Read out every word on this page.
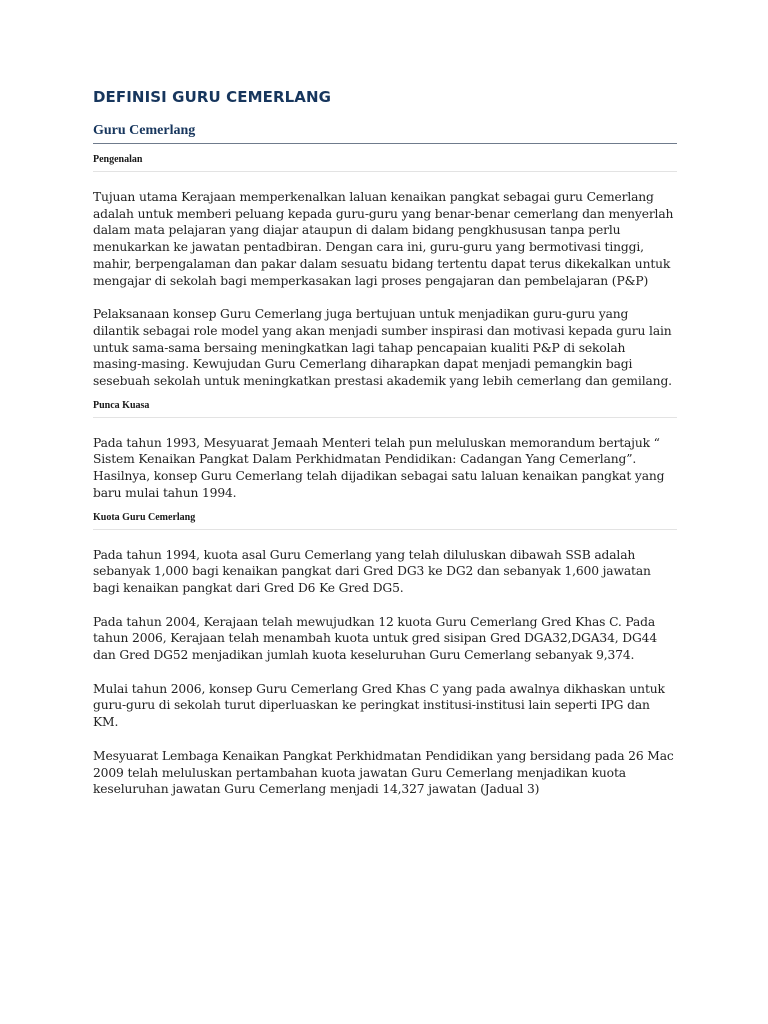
DEFINISI GURU CEMERLANG
Guru Cemerlang
Pengenalan

Tujuan utama Kerajaan memperkenalkan laluan kenaikan pangkat sebagai guru Cemerlang adalah untuk memberi peluang kepada guru-guru yang benar-benar cemerlang dan menyerlah dalam mata pelajaran yang diajar ataupun di dalam bidang pengkhususan tanpa perlu menukarkan ke jawatan pentadbiran. Dengan cara ini, guru-guru yang bermotivasi tinggi, mahir, berpengalaman dan pakar dalam sesuatu bidang tertentu dapat terus dikekalkan untuk mengajar di sekolah bagi memperkasakan lagi proses pengajaran dan pembelajaran (P&P)

Pelaksanaan konsep Guru Cemerlang juga bertujuan untuk menjadikan guru-guru yang dilantik sebagai role model yang akan menjadi sumber inspirasi dan motivasi kepada guru lain untuk sama-sama bersaing meningkatkan lagi tahap pencapaian kualiti P&P di sekolah masing-masing. Kewujudan Guru Cemerlang diharapkan dapat menjadi pemangkin bagi sesebuah sekolah untuk meningkatkan prestasi akademik yang lebih cemerlang dan gemilang.

Punca Kuasa

Pada tahun 1993, Mesyuarat Jemaah Menteri telah pun meluluskan memorandum bertajuk “ Sistem Kenaikan Pangkat Dalam Perkhidmatan Pendidikan: Cadangan Yang Cemerlang”. Hasilnya, konsep Guru Cemerlang telah dijadikan sebagai satu laluan kenaikan pangkat yang baru mulai tahun 1994.

Kuota Guru Cemerlang

Pada tahun 1994, kuota asal Guru Cemerlang yang telah diluluskan dibawah SSB adalah sebanyak 1,000 bagi kenaikan pangkat dari Gred DG3 ke DG2 dan sebanyak 1,600 jawatan bagi kenaikan pangkat dari Gred D6 Ke Gred DG5.

Pada tahun 2004, Kerajaan telah mewujudkan 12 kuota Guru Cemerlang Gred Khas C. Pada tahun 2006, Kerajaan telah menambah kuota untuk gred sisipan Gred DGA32,DGA34, DG44 dan Gred DG52 menjadikan jumlah kuota keseluruhan Guru Cemerlang sebanyak 9,374.

Mulai tahun 2006, konsep Guru Cemerlang Gred Khas C yang pada awalnya dikhaskan untuk guru-guru di sekolah turut diperluaskan ke peringkat institusi-institusi lain seperti IPG dan KM.

Mesyuarat Lembaga Kenaikan Pangkat Perkhidmatan Pendidikan yang bersidang pada 26 Mac 2009 telah meluluskan pertambahan kuota jawatan Guru Cemerlang menjadikan kuota keseluruhan jawatan Guru Cemerlang menjadi 14,327 jawatan (Jadual 3)
